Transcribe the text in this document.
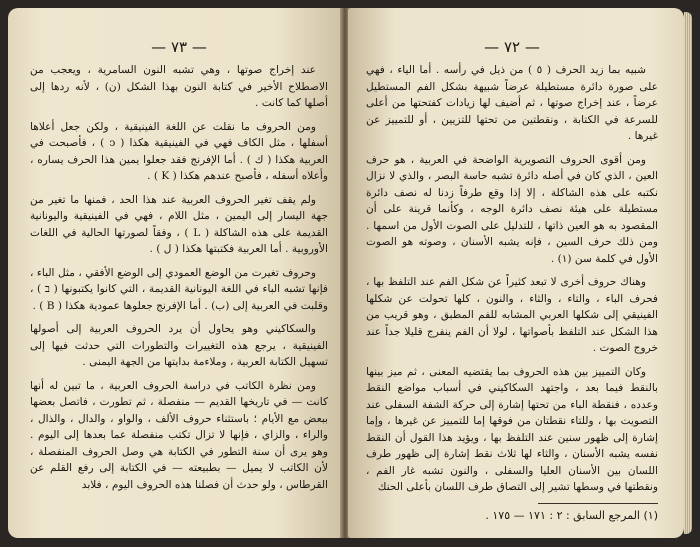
— ٧٣ —

عند إخراج صوتها ، وهي تشبه النون السامرية ، ويعجب من الاصطلاح الأخير في كتابة النون بهذا الشكل (ن) ، لأنه ردها إلى أصلها كما كانت .

ومن الحروف ما نقلت عن اللغة الفينيقية ، ولكن جعل أعلاها أسفلها ، مثل الكاف فهي في الفينيقية هكذا ( ↄ ) ، فأصبحت في العربية هكذا ( ك ) . أما الإفرنج فقد جعلوا يمين هذا الحرف يساره ، وأعلاه أسفله ، فأصبح عندهم هكذا ( K ) .

ولم يقف تغير الحروف العربية عند هذا الحد ، فمنها ما تغير من جهة اليسار إلى اليمين ، مثل اللام ، فهي في الفينيقية واليونانية القديمة على هذه الشاكلة ( L ) ، وفقاً لصورتها الحالية في اللغات الأوروبية . أما العربية فكتبتها هكذا ( ل ) .

وحروف تغيرت من الوضع العمودي إلى الوضع الأفقي ، مثل الباء ، فإنها تشبه الباء في اللغة اليونانية القديمة ، التي كانوا يكتبونها ( ב ) ، وقلبت في العربية إلى (ب) . أما الإفرنج جعلوها عمودية هكذا ( B ) .

والسكاكيني وهو يحاول أن يرد الحروف العربية إلى أصولها الفينيقية ، يرجع هذه التغييرات والتطورات التي حدثت فيها إلى تسهيل الكتابة العربية ، وملاءمة بدايتها من الجهة اليمنى .

ومن نظرة الكاتب في دراسة الحروف العربية ، ما تبين له أنها كانت — في تاريخها القديم — منفصلة ، ثم تطورت ، فاتصل بعضها ببعض مع الأيام ؛ باستثناء حروف الألف ، والواو ، والدال ، والذال ، والراء ، والزاي ، فإنها لا تزال تكتب منفصلة عما بعدها إلى اليوم . وهو يرى أن سنة التطور في الكتابة هي وصل الحروف المنفصلة ، لأن الكاتب لا يميل — بطبيعته — في الكتابة إلى رفع القلم عن القرطاس ، ولو حدث أن فصلنا هذه الحروف اليوم ، فلابد

— ٧٢ —

شبيه بما زيد الحرف ( ٥ ) من ذيل في رأسه . أما الياء ، فهي على صورة دائرة مستطيلة عرضاً شبيهة بشكل الفم المستطيل عرضاً ، عند إخراج صوتها ، ثم أضيف لها زيادات كفتحتها من أعلى للسرعة في الكتابة ، ونقطتين من تحتها للتزيين ، أو للتمييز عن غيرها .

ومن أقوى الحروف التصويرية الواضحة في العربية ، هو حرف العين ، الذي كان في أصله دائرة تشبه حاسة البصر ، والذي لا نزال نكتبه على هذه الشاكلة ، إلا إذا وقع طرفاً زدنا له نصف دائرة مستطيلة على هيئة نصف دائرة الوجه ، وكأنما قرينة على أن المقصود به هو العين ذاتها ، للتدليل على الصوت الأول من اسمها . ومن ذلك حرف السين ، فإنه يشبه الأسنان ، وصوته هو الصوت الأول في كلمة سن (١) .

وهناك حروف أخرى لا تبعد كثيراً عن شكل الفم عند التلفظ بها ، فحرف الباء ، والتاء ، والثاء ، والنون ، كلها تحولت عن شكلها الفينيقي إلى شكلها العربي المشابه للفم المطبق ، وهو قريب من هذا الشكل عند التلفظ بأصواتها ، لولا أن الفم ينفرج قليلا جداً عند خروج الصوت .

وكان التمييز بين هذه الحروف بما يقتضيه المعنى ، ثم ميز بينها بالنقط فيما بعد ، واجتهد السكاكيني في أسباب مواضع النقط وعدده ، فنقطة الباء من تحتها إشارة إلى حركة الشفة السفلى عند التصويت بها ، وللتاء نقطتان من فوقها إما للتمييز عن غيرها ، وإما إشارة إلى ظهور سنين عند التلفظ بها ، ويؤيد هذا القول أن النقط نفسه يشبه الأسنان ، والثاء لها ثلاث نقط إشارة إلى ظهور طرف اللسان بين الأسنان العليا والسفلى ، والنون تشبه غار الفم ، ونقطتها في وسطها تشير إلى التصاق طرف اللسان بأعلى الحنك

(١) المرجع السابق : ٢ : ١٧١ — ١٧٥ .
